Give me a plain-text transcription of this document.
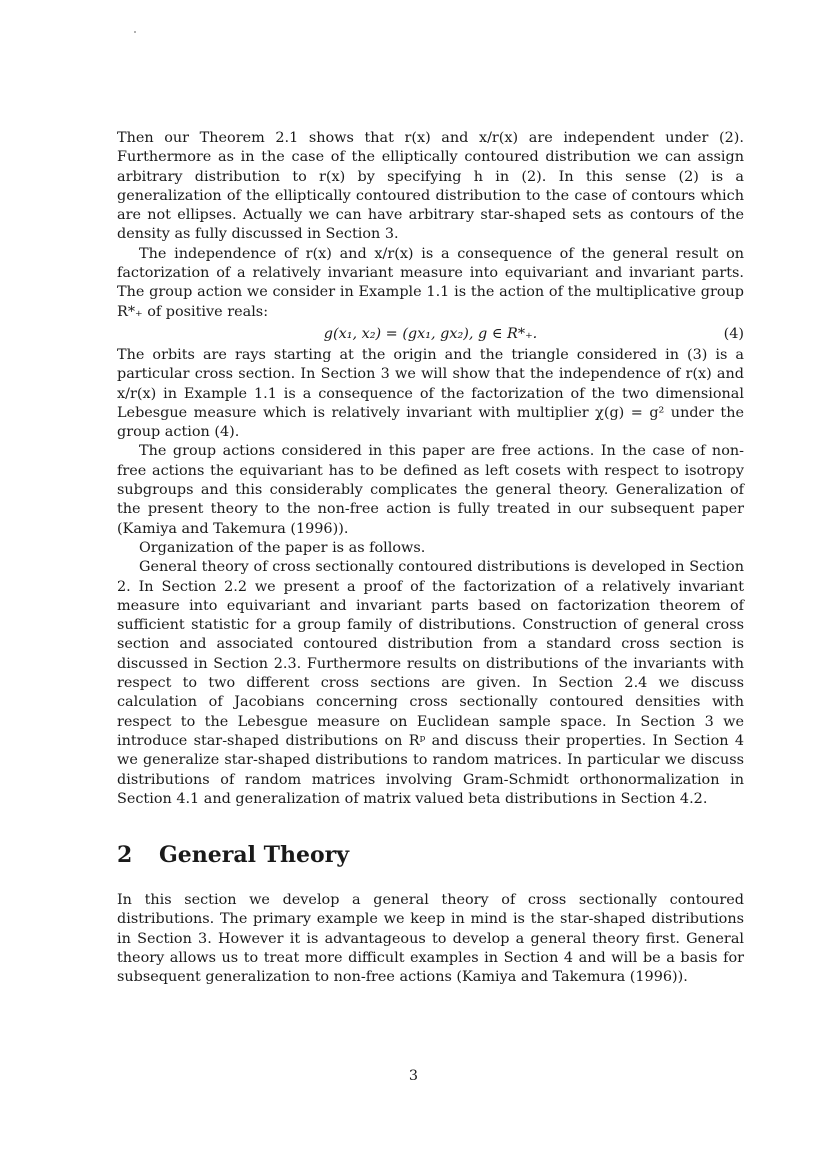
Then our Theorem 2.1 shows that r(x) and x/r(x) are independent under (2). Furthermore as in the case of the elliptically contoured distribution we can assign arbitrary distribution to r(x) by specifying h in (2). In this sense (2) is a generalization of the elliptically contoured distribution to the case of contours which are not ellipses. Actually we can have arbitrary star-shaped sets as contours of the density as fully discussed in Section 3.

The independence of r(x) and x/r(x) is a consequence of the general result on factorization of a relatively invariant measure into equivariant and invariant parts. The group action we consider in Example 1.1 is the action of the multiplicative group R*₊ of positive reals:

g(x₁, x₂) = (gx₁, gx₂), g ∈ R*₊.	(4)

The orbits are rays starting at the origin and the triangle considered in (3) is a particular cross section. In Section 3 we will show that the independence of r(x) and x/r(x) in Example 1.1 is a consequence of the factorization of the two dimensional Lebesgue measure which is relatively invariant with multiplier χ(g) = g² under the group action (4).

The group actions considered in this paper are free actions. In the case of non-free actions the equivariant has to be defined as left cosets with respect to isotropy subgroups and this considerably complicates the general theory. Generalization of the present theory to the non-free action is fully treated in our subsequent paper (Kamiya and Takemura (1996)).

Organization of the paper is as follows.

General theory of cross sectionally contoured distributions is developed in Section 2. In Section 2.2 we present a proof of the factorization of a relatively invariant measure into equivariant and invariant parts based on factorization theorem of sufficient statistic for a group family of distributions. Construction of general cross section and associated contoured distribution from a standard cross section is discussed in Section 2.3. Furthermore results on distributions of the invariants with respect to two different cross sections are given. In Section 2.4 we discuss calculation of Jacobians concerning cross sectionally contoured densities with respect to the Lebesgue measure on Euclidean sample space. In Section 3 we introduce star-shaped distributions on Rᵖ and discuss their properties. In Section 4 we generalize star-shaped distributions to random matrices. In particular we discuss distributions of random matrices involving Gram-Schmidt orthonormalization in Section 4.1 and generalization of matrix valued beta distributions in Section 4.2.

2 General Theory

In this section we develop a general theory of cross sectionally contoured distributions. The primary example we keep in mind is the star-shaped distributions in Section 3. However it is advantageous to develop a general theory first. General theory allows us to treat more difficult examples in Section 4 and will be a basis for subsequent generalization to non-free actions (Kamiya and Takemura (1996)).

3
